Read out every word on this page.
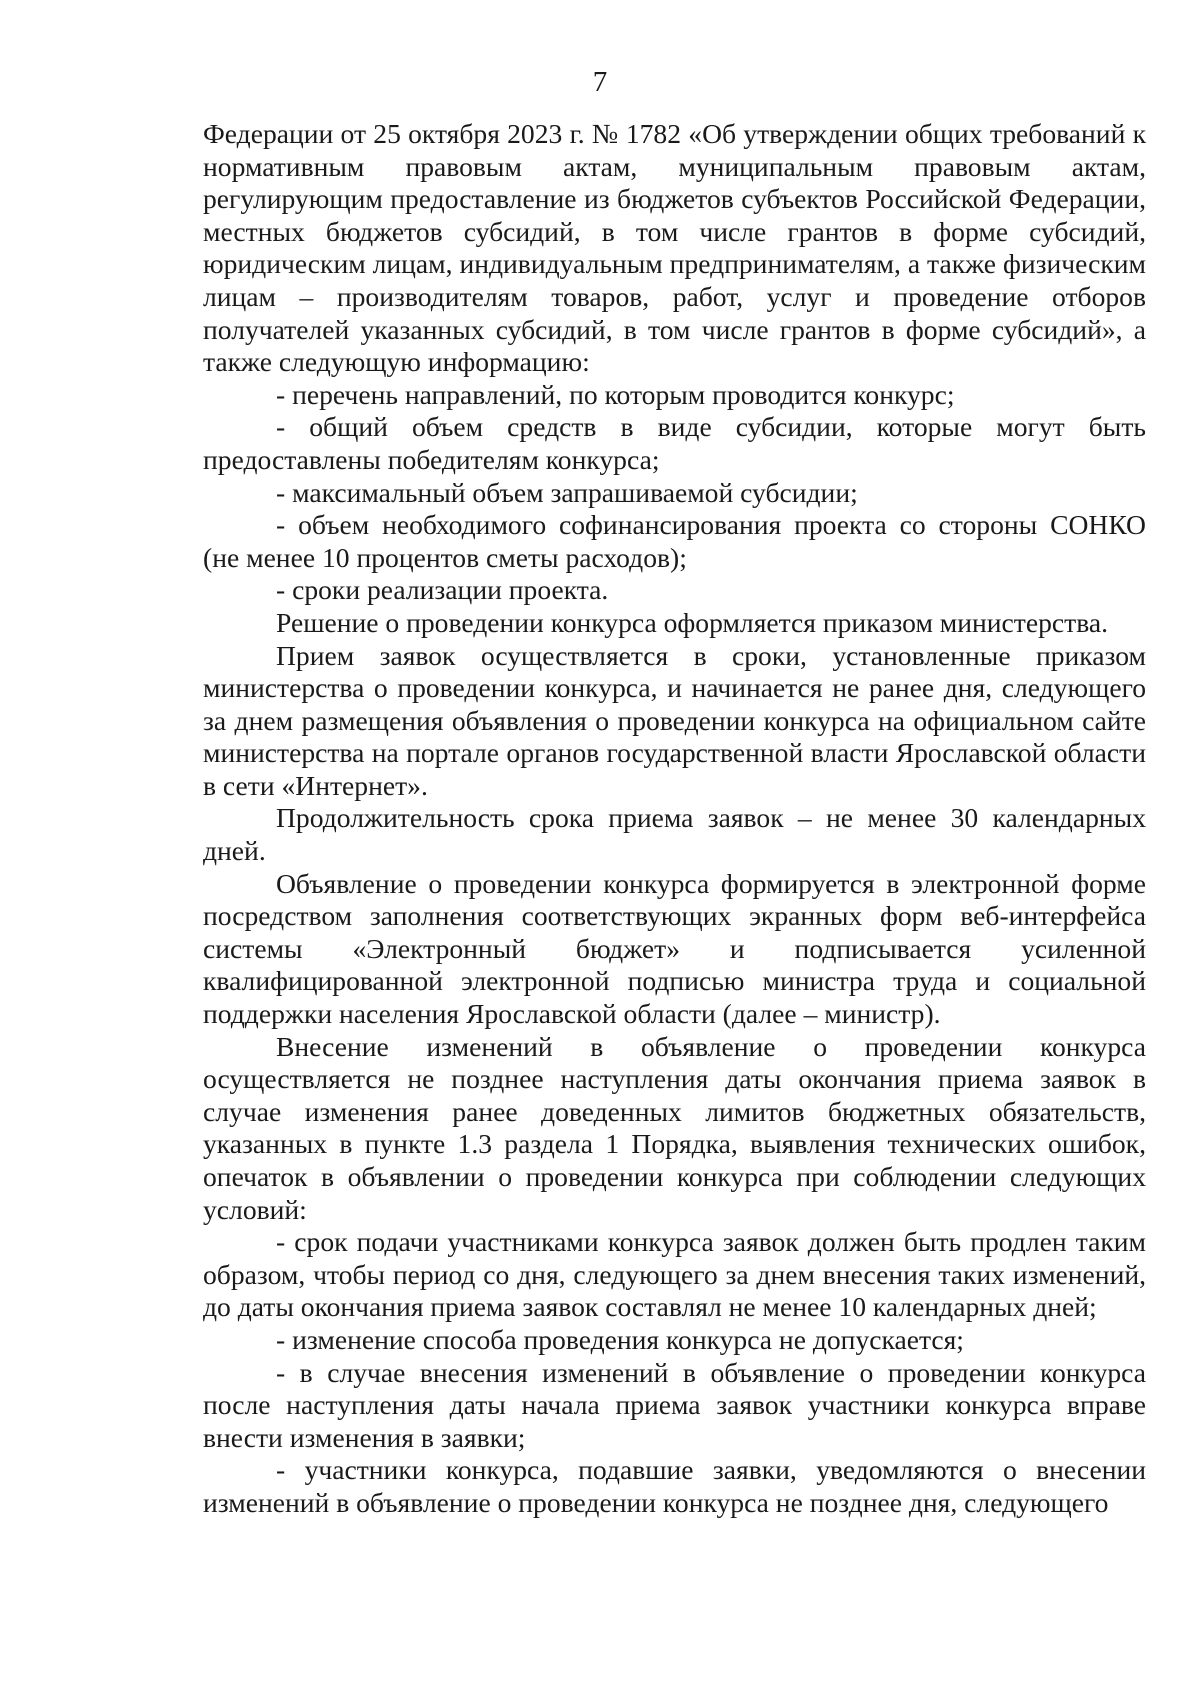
7

Федерации от 25 октября 2023 г. № 1782 «Об утверждении общих требований к нормативным правовым актам, муниципальным правовым актам, регулирующим предоставление из бюджетов субъектов Российской Федерации, местных бюджетов субсидий, в том числе грантов в форме субсидий, юридическим лицам, индивидуальным предпринимателям, а также физическим лицам – производителям товаров, работ, услуг и проведение отборов получателей указанных субсидий, в том числе грантов в форме субсидий», а также следующую информацию:

- перечень направлений, по которым проводится конкурс;

- общий объем средств в виде субсидии, которые могут быть предоставлены победителям конкурса;

- максимальный объем запрашиваемой субсидии;

- объем необходимого софинансирования проекта со стороны СОНКО (не менее 10 процентов сметы расходов);

- сроки реализации проекта.

Решение о проведении конкурса оформляется приказом министерства.

Прием заявок осуществляется в сроки, установленные приказом министерства о проведении конкурса, и начинается не ранее дня, следующего за днем размещения объявления о проведении конкурса на официальном сайте министерства на портале органов государственной власти Ярославской области в сети «Интернет».

Продолжительность срока приема заявок – не менее 30 календарных дней.

Объявление о проведении конкурса формируется в электронной форме посредством заполнения соответствующих экранных форм веб-интерфейса системы «Электронный бюджет» и подписывается усиленной квалифицированной электронной подписью министра труда и социальной поддержки населения Ярославской области (далее – министр).

Внесение изменений в объявление о проведении конкурса осуществляется не позднее наступления даты окончания приема заявок в случае изменения ранее доведенных лимитов бюджетных обязательств, указанных в пункте 1.3 раздела 1 Порядка, выявления технических ошибок, опечаток в объявлении о проведении конкурса при соблюдении следующих условий:

- срок подачи участниками конкурса заявок должен быть продлен таким образом, чтобы период со дня, следующего за днем внесения таких изменений, до даты окончания приема заявок составлял не менее 10 календарных дней;

- изменение способа проведения конкурса не допускается;

- в случае внесения изменений в объявление о проведении конкурса после наступления даты начала приема заявок участники конкурса вправе внести изменения в заявки;

- участники конкурса, подавшие заявки, уведомляются о внесении изменений в объявление о проведении конкурса не позднее дня, следующего
